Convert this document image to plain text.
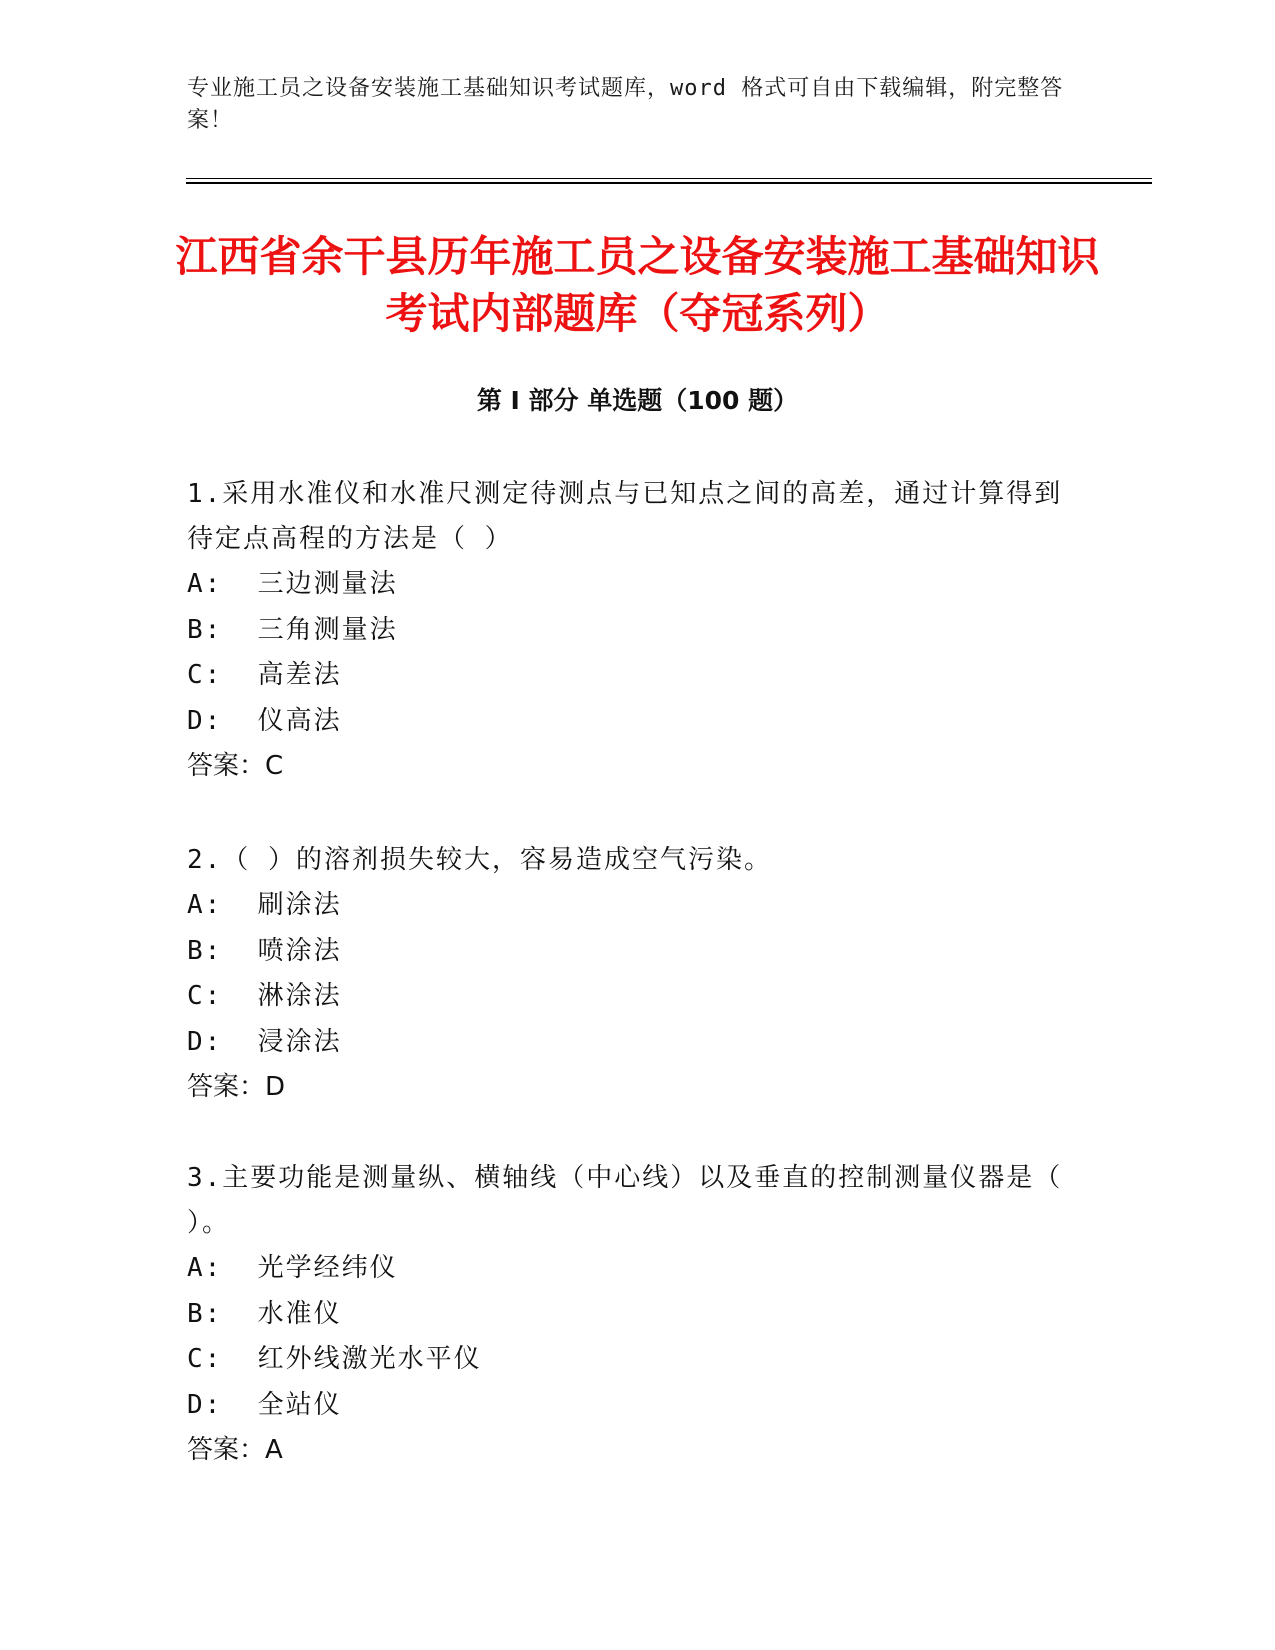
专业施工员之设备安装施工基础知识考试题库，word 格式可自由下载编辑，附完整答案！
江西省余干县历年施工员之设备安装施工基础知识考试内部题库（夺冠系列）
第 I 部分 单选题（100 题）
1.采用水准仪和水准尺测定待测点与已知点之间的高差，通过计算得到待定点高程的方法是（ ）
A:  三边测量法
B:  三角测量法
C:  高差法
D:  仪高法
答案：C
2.（ ）的溶剂损失较大，容易造成空气污染。
A:  刷涂法
B:  喷涂法
C:  淋涂法
D:  浸涂法
答案：D
3.主要功能是测量纵、横轴线（中心线）以及垂直的控制测量仪器是（ ）。
A:  光学经纬仪
B:  水准仪
C:  红外线激光水平仪
D:  全站仪
答案：A
